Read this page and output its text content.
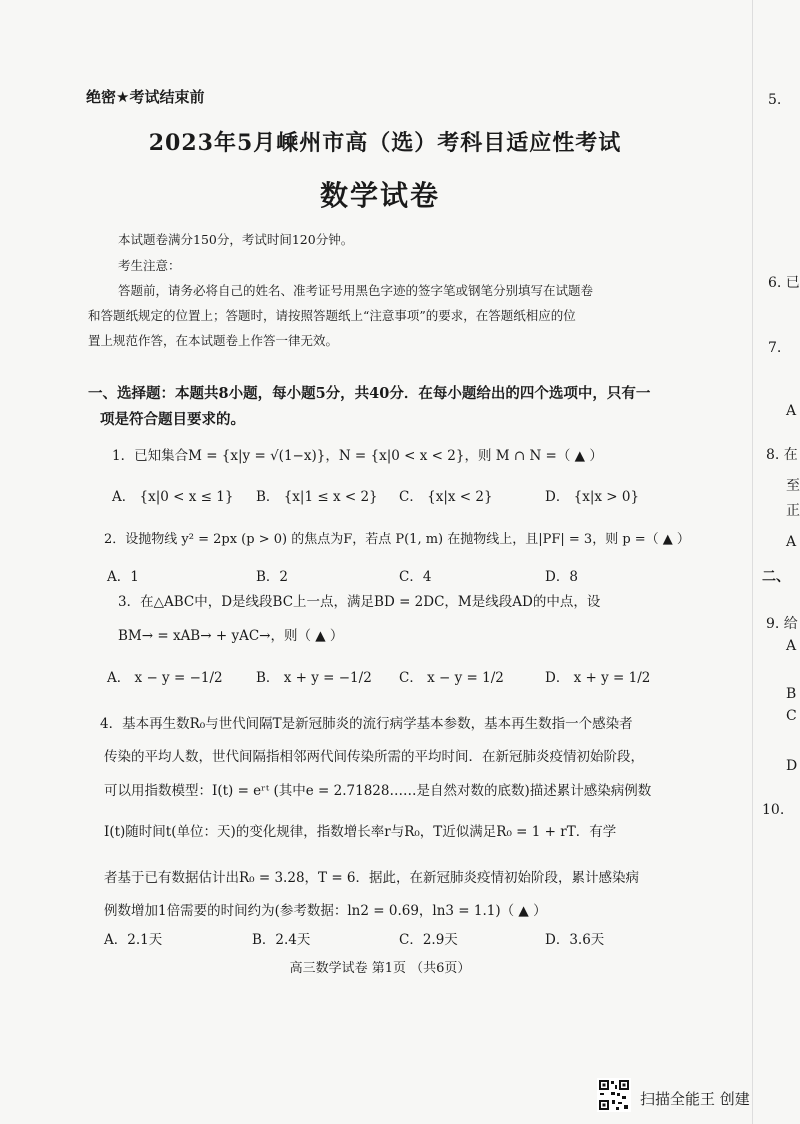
绝密★考试结束前
2023年5月嵊州市高（选）考科目适应性考试
数学试卷
本试题卷满分150分，考试时间120分钟。
考生注意：
答题前，请务必将自己的姓名、准考证号用黑色字迹的签字笔或钢笔分别填写在试题卷
和答题纸规定的位置上；答题时，请按照答题纸上“注意事项”的要求，在答题纸相应的位
置上规范作答，在本试题卷上作答一律无效。
一、选择题：本题共8小题，每小题5分，共40分．在每小题给出的四个选项中，只有一
项是符合题目要求的。
1．已知集合M = {x|y = √(1−x)}，N = {x|0 < x < 2}，则 M ∩ N =（ ▲ ）
A． {x|0 < x ≤ 1} B． {x|1 ≤ x < 2} C． {x|x < 2}	D． {x|x > 0}
2．设抛物线 y² = 2px (p > 0) 的焦点为F，若点 P(1, m) 在抛物线上，且|PF| = 3，则 p =（ ▲ ）
A．1	B．2	C．4	D．8
3．在△ABC中，D是线段BC上一点，满足BD = 2DC，M是线段AD的中点，设
BM→ = xAB→ + yAC→，则（ ▲ ）
A． x − y = −1/2 B． x + y = −1/2 C． x − y = 1/2	D． x + y = 1/2
4．基本再生数R₀与世代间隔T是新冠肺炎的流行病学基本参数，基本再生数指一个感染者
传染的平均人数，世代间隔指相邻两代间传染所需的平均时间．在新冠肺炎疫情初始阶段，
可以用指数模型：I(t) = eʳᵗ (其中e = 2.71828……是自然对数的底数)描述累计感染病例数
I(t)随时间t(单位：天)的变化规律，指数增长率r与R₀，T近似满足R₀ = 1 + rT．有学
者基于已有数据估计出R₀ = 3.28，T = 6．据此，在新冠肺炎疫情初始阶段，累计感染病
例数增加1倍需要的时间约为(参考数据：ln2 = 0.69，ln3 = 1.1)（ ▲ ）
A．2.1天	B．2.4天	C．2.9天	D．3.6天
高三数学试卷 第1页 （共6页）
5.
6. 已
7.
A
8. 在
至
正
A
二、
9. 给
A
B
C
D
10.
扫描全能王 创建
